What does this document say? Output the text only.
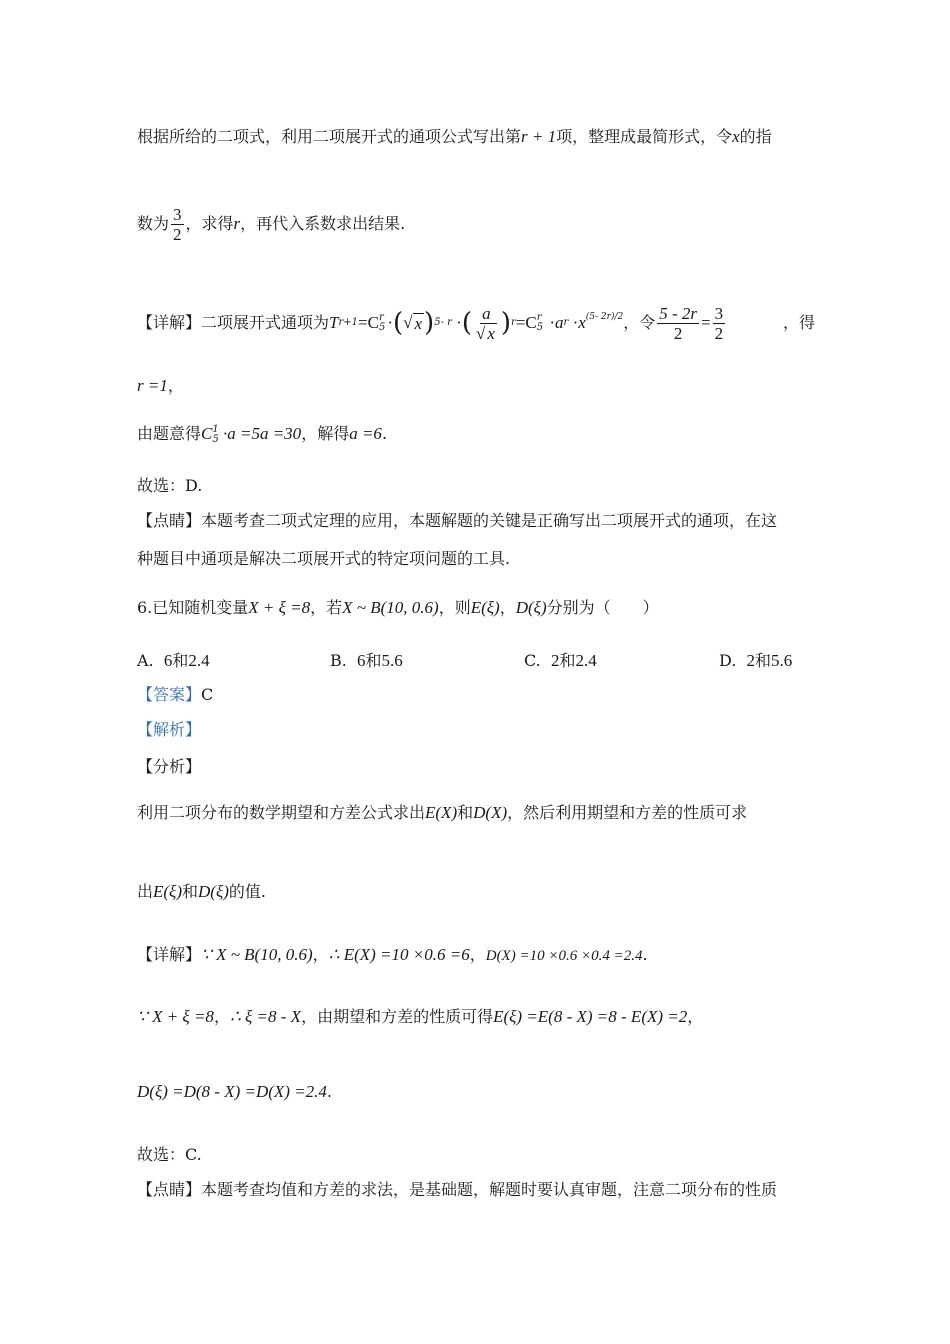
根据所给的二项式，利用二项展开式的通项公式写出第r + 1项，整理成最简形式，令x的指
数为 $\frac{3}{2}$ ，求得r，再代入系数求出结果.
【详解】二项展开式通项为 T r+1 =C r
5 · ( √ x ) 5- r · ( $\frac{a}{√ x}$ ) r =C r
5 · a $r \cdot x^{(5- 2r)/2}$ ，令 $\frac{5 - 2r}{2} = \frac{3}{2}$	，得
r =1，
由题意得C 1
5 ·a =5a =30，解得a =6.
故选：D.
【点睛】本题考查二项式定理的应用，本题解题的关键是正确写出二项展开式的通项，在这
种题目中通项是解决二项展开式的特定项问题的工具.
6.已知随机变量X + ξ =8，若X ~ B(10, 0.6)，则E(ξ)，D(ξ)分别为（　　）
A. 6和2.4	B. 6和5.6	C. 2和2.4	D. 2和5.6
【答案】C
【解析】
【分析】
利用二项分布的数学期望和方差公式求出E(X)和D(X)，然后利用期望和方差的性质可求
出E(ξ)和D(ξ)的值.
【详解】∵ X ~ B(10, 0.6)，∴ E(X) =10 ×0.6 =6，D(X) =10 ×0.6 ×0.4 =2.4.
∵ X + ξ =8，∴ ξ =8 - X，由期望和方差的性质可得E(ξ) =E(8 - X) =8 - E(X) =2，
D(ξ) =D(8 - X) =D(X) =2.4.
故选：C.
【点睛】本题考查均值和方差的求法，是基础题，解题时要认真审题，注意二项分布的性质
